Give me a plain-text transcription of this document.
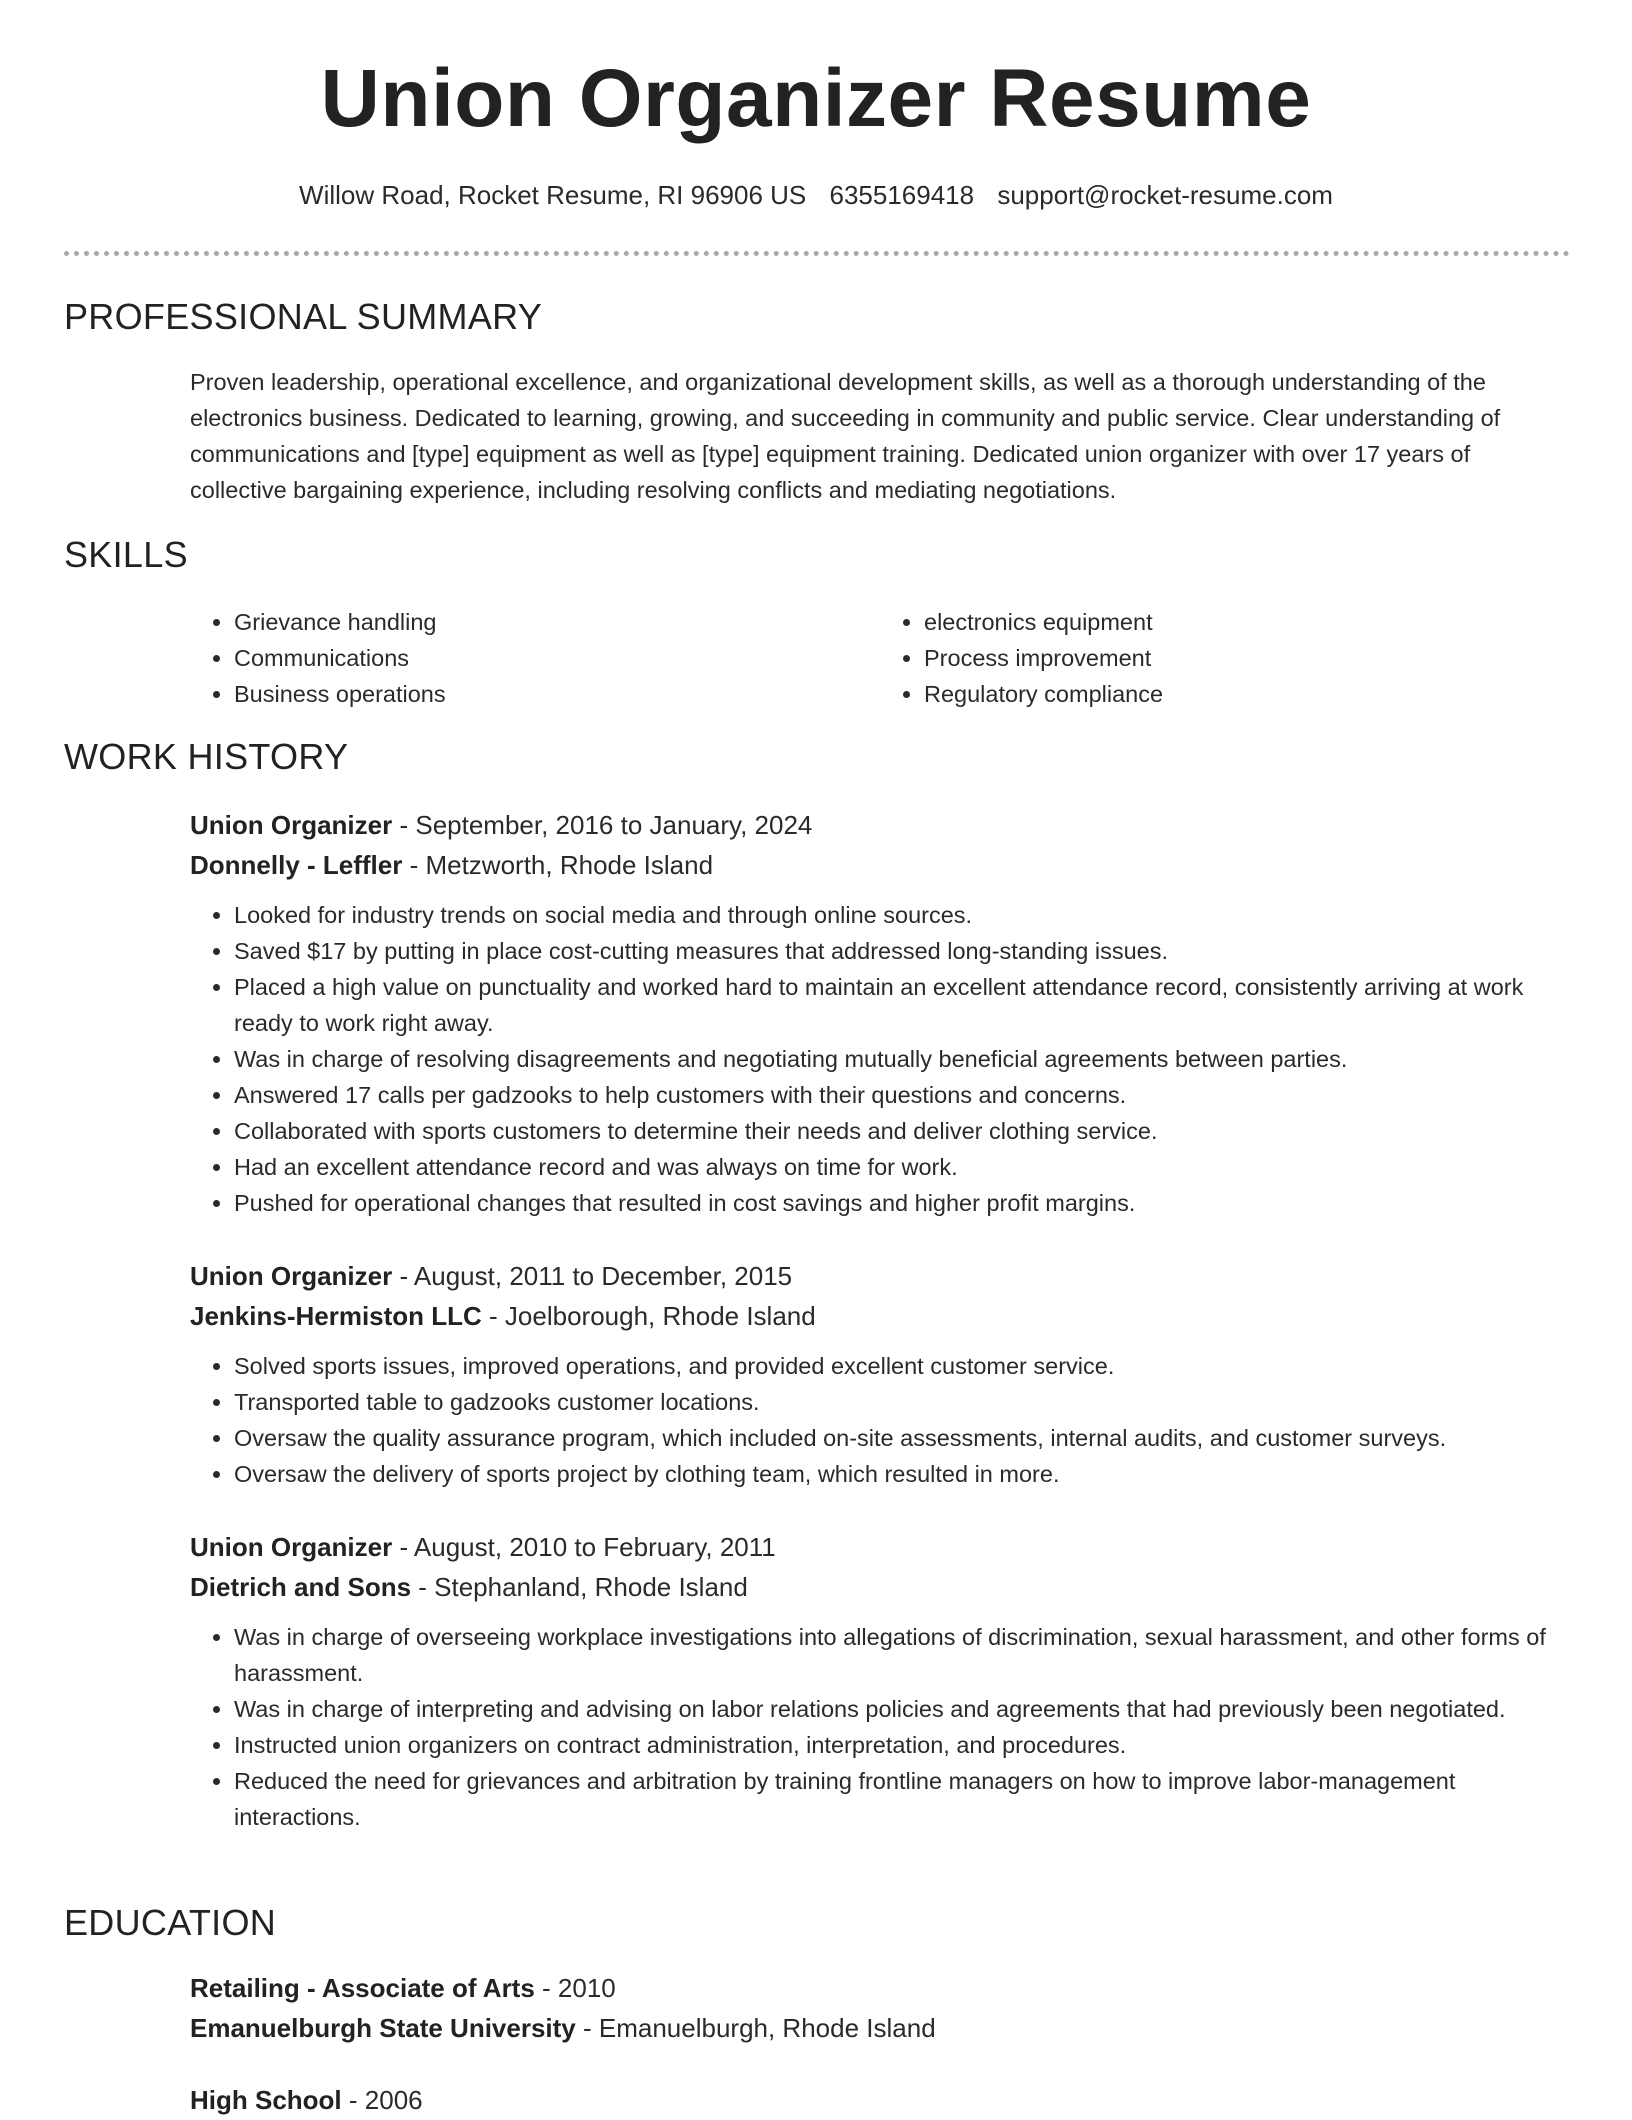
Union Organizer Resume
Willow Road, Rocket Resume, RI 96906 US 6355169418 support@rocket-resume.com
PROFESSIONAL SUMMARY
Proven leadership, operational excellence, and organizational development skills, as well as a thorough understanding of the electronics business. Dedicated to learning, growing, and succeeding in community and public service. Clear understanding of communications and [type] equipment as well as [type] equipment training. Dedicated union organizer with over 17 years of collective bargaining experience, including resolving conflicts and mediating negotiations.
SKILLS
• Grievance handling
• Communications
• Business operations
• electronics equipment
• Process improvement
• Regulatory compliance
WORK HISTORY
Union Organizer - September, 2016 to January, 2024
Donnelly - Leffler - Metzworth, Rhode Island
• Looked for industry trends on social media and through online sources.
• Saved $17 by putting in place cost-cutting measures that addressed long-standing issues.
• Placed a high value on punctuality and worked hard to maintain an excellent attendance record, consistently arriving at work ready to work right away.
• Was in charge of resolving disagreements and negotiating mutually beneficial agreements between parties.
• Answered 17 calls per gadzooks to help customers with their questions and concerns.
• Collaborated with sports customers to determine their needs and deliver clothing service.
• Had an excellent attendance record and was always on time for work.
• Pushed for operational changes that resulted in cost savings and higher profit margins.
Union Organizer - August, 2011 to December, 2015
Jenkins-Hermiston LLC - Joelborough, Rhode Island
• Solved sports issues, improved operations, and provided excellent customer service.
• Transported table to gadzooks customer locations.
• Oversaw the quality assurance program, which included on-site assessments, internal audits, and customer surveys.
• Oversaw the delivery of sports project by clothing team, which resulted in more.
Union Organizer - August, 2010 to February, 2011
Dietrich and Sons - Stephanland, Rhode Island
• Was in charge of overseeing workplace investigations into allegations of discrimination, sexual harassment, and other forms of harassment.
• Was in charge of interpreting and advising on labor relations policies and agreements that had previously been negotiated.
• Instructed union organizers on contract administration, interpretation, and procedures.
• Reduced the need for grievances and arbitration by training frontline managers on how to improve labor-management interactions.
EDUCATION
Retailing - Associate of Arts - 2010
Emanuelburgh State University - Emanuelburgh, Rhode Island
High School - 2006
